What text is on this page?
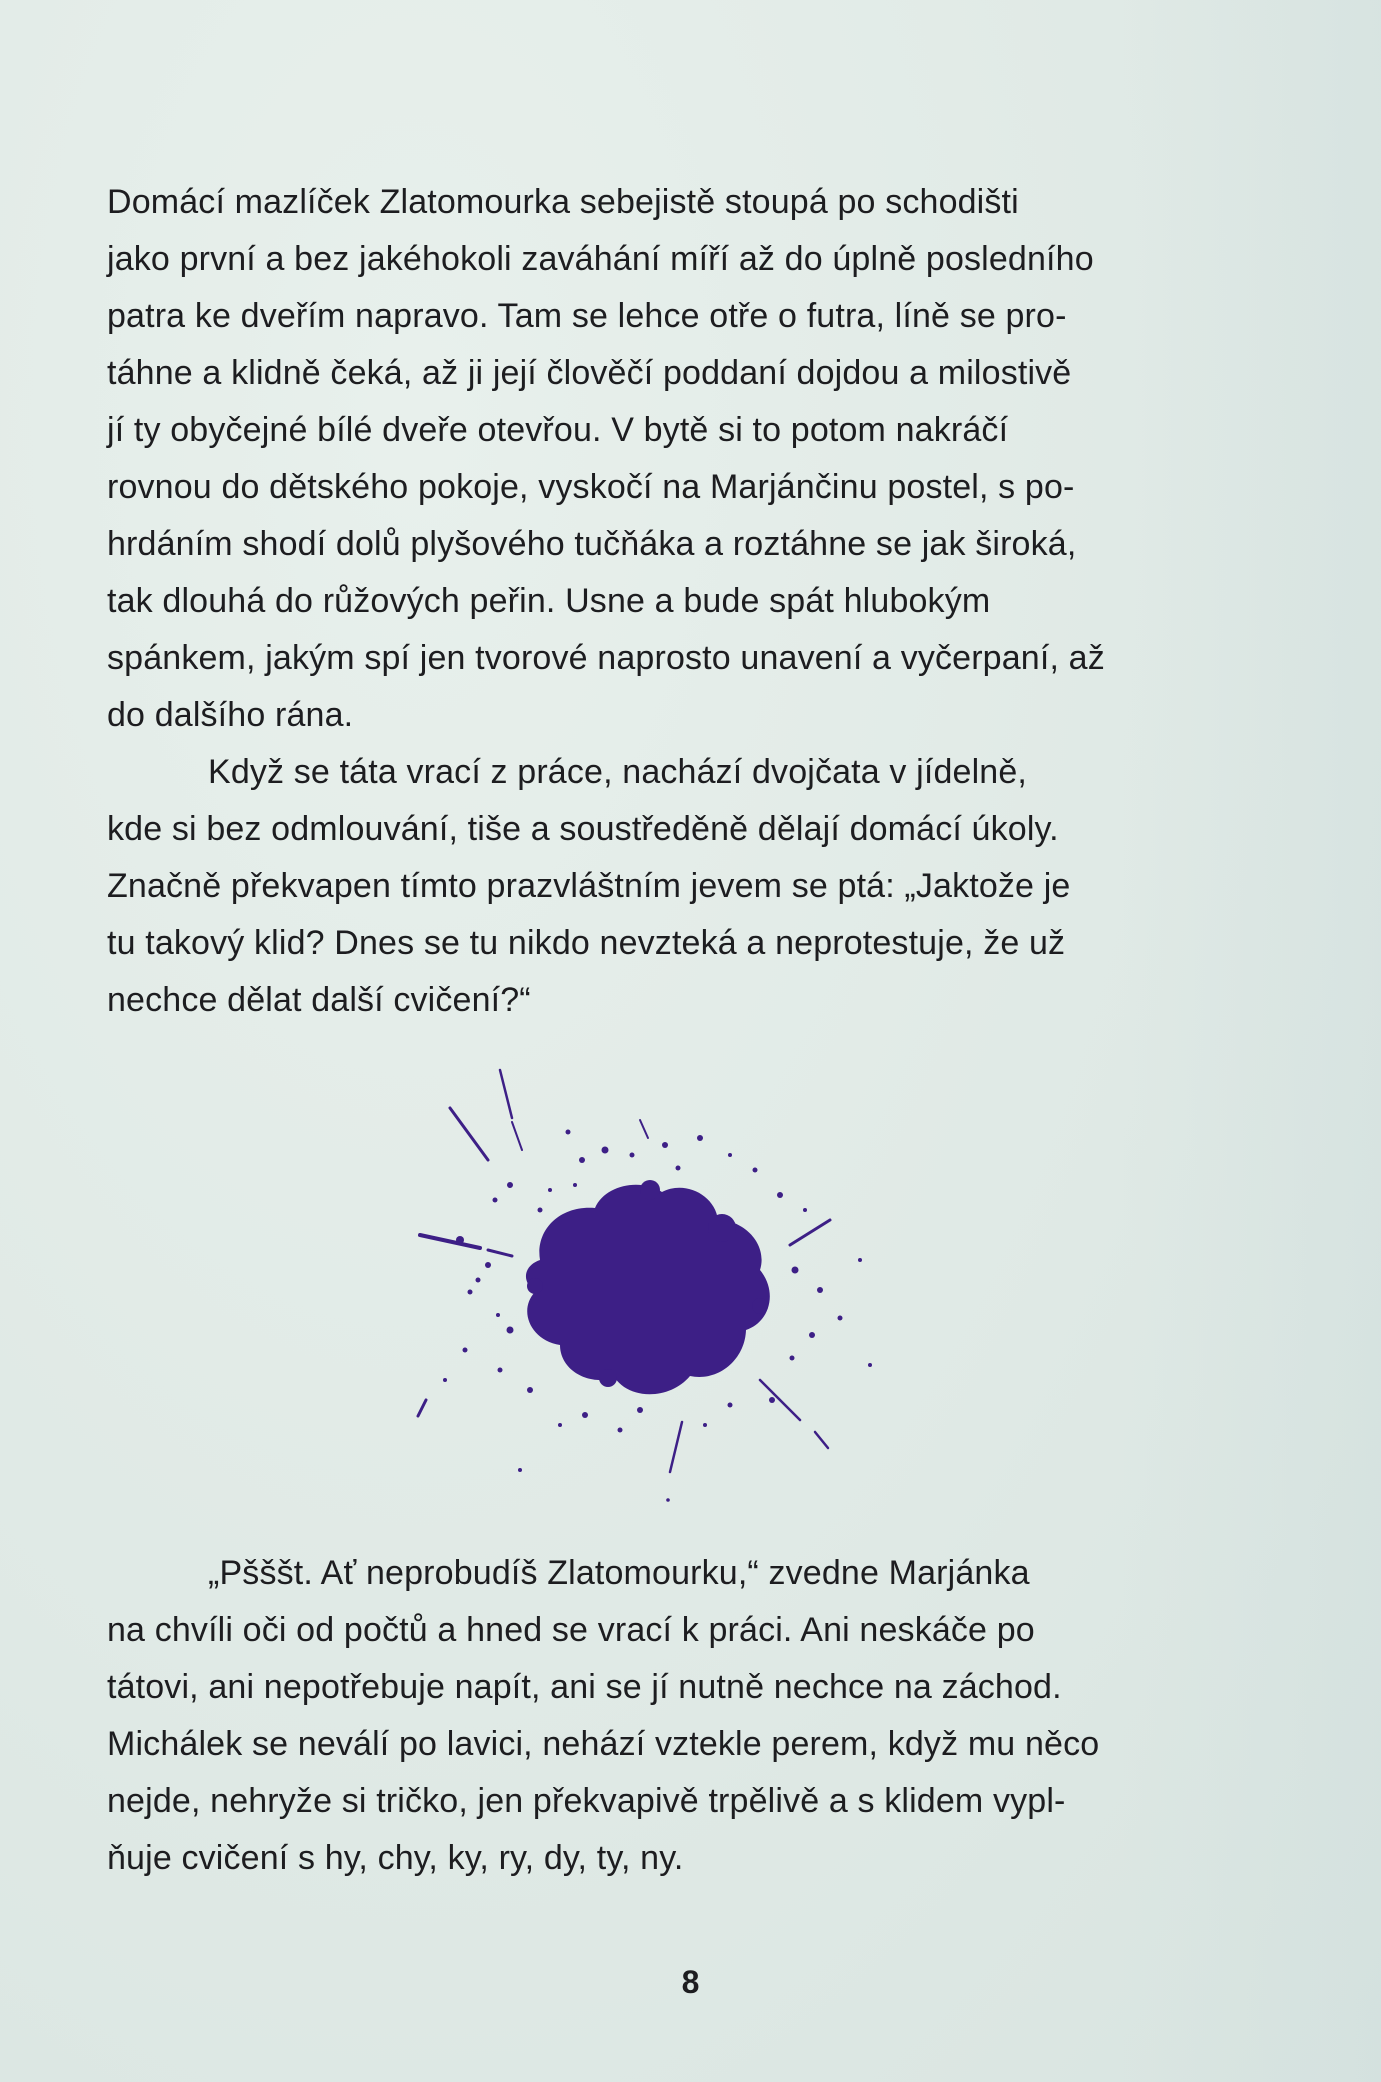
Domácí mazlíček Zlatomourka sebejistě stoupá po schodišti

jako první a bez jakéhokoli zaváhání míří až do úplně posledního

patra ke dveřím napravo. Tam se lehce otře o futra, líně se pro-

táhne a klidně čeká, až ji její člověčí poddaní dojdou a milostivě

jí ty obyčejné bílé dveře otevřou. V bytě si to potom nakráčí

rovnou do dětského pokoje, vyskočí na Marjánčinu postel, s po-

hrdáním shodí dolů plyšového tučňáka a roztáhne se jak široká,

tak dlouhá do růžových peřin. Usne a bude spát hlubokým

spánkem, jakým spí jen tvorové naprosto unavení a vyčerpaní, až

do dalšího rána.

Když se táta vrací z práce, nachází dvojčata v jídelně,

kde si bez odmlouvání, tiše a soustředěně dělají domácí úkoly.

Značně překvapen tímto prazvláštním jevem se ptá: „Jaktože je

tu takový klid? Dnes se tu nikdo nevzteká a neprotestuje, že už

nechce dělat další cvičení?“

„Pšššt. Ať neprobudíš Zlatomourku,“ zvedne Marjánka

na chvíli oči od počtů a hned se vrací k práci. Ani neskáče po

tátovi, ani nepotřebuje napít, ani se jí nutně nechce na záchod.

Michálek se neválí po lavici, nehází vztekle perem, když mu něco

nejde, nehryže si tričko, jen překvapivě trpělivě a s klidem vypl-

ňuje cvičení s hy, chy, ky, ry, dy, ty, ny.

8
